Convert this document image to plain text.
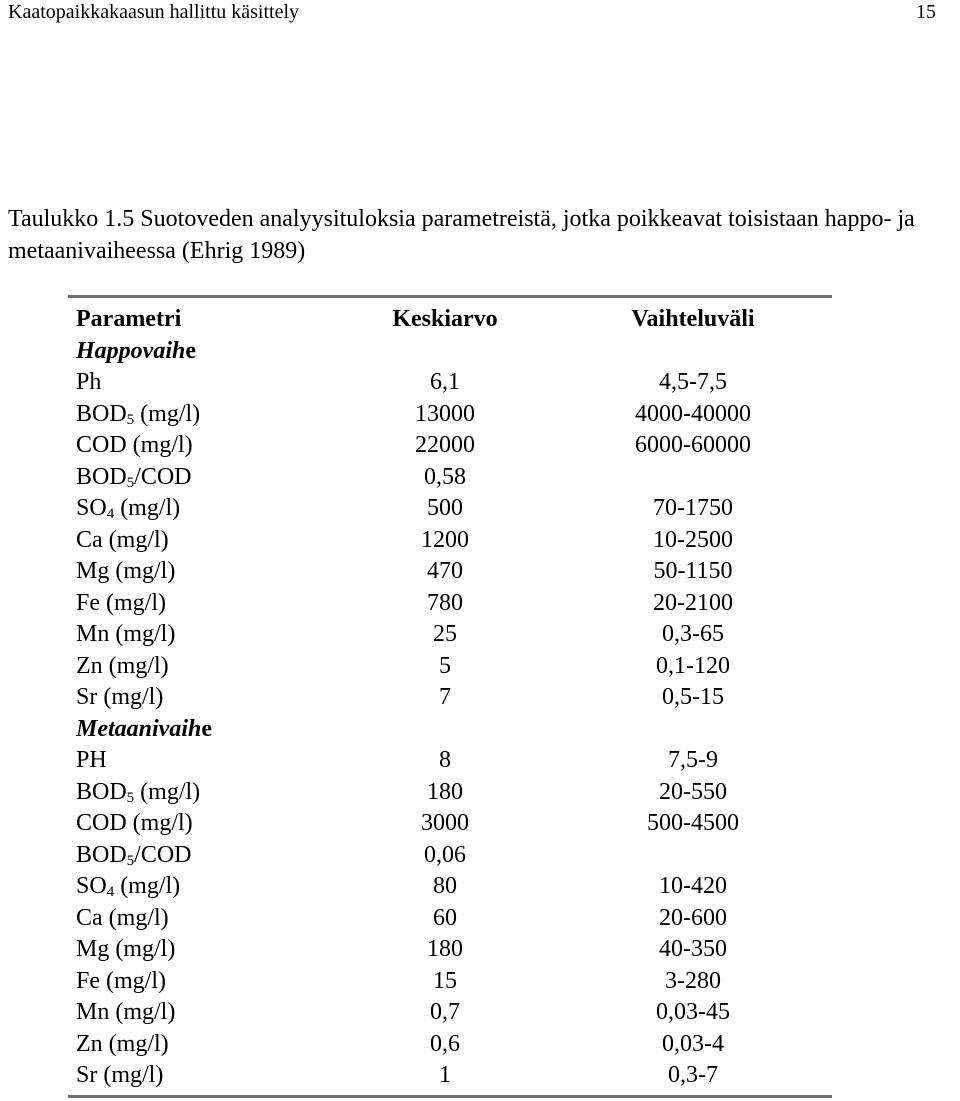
Kaatopaikkakaasun hallittu käsittely	15
Taulukko 1.5 Suotoveden analyysituloksia parametreistä, jotka poikkeavat toisistaan happo- ja metaanivaiheessa (Ehrig 1989)
Parametri	Keskiarvo	Vaihteluväli
Happovaihe		
Ph	6,1	4,5-7,5
$BOD_5$ (mg/l)	13000	4000-40000
COD (mg/l)	22000	6000-60000
$BOD_5$/COD	0,58	
$SO_4$ (mg/l)	500	70-1750
Ca (mg/l)	1200	10-2500
Mg (mg/l)	470	50-1150
Fe (mg/l)	780	20-2100
Mn (mg/l)	25	0,3-65
Zn (mg/l)	5	0,1-120
Sr (mg/l)	7	0,5-15
Metaanivaihe		
PH	8	7,5-9
$BOD_5$ (mg/l)	180	20-550
COD (mg/l)	3000	500-4500
$BOD_5$/COD	0,06	
$SO_4$ (mg/l)	80	10-420
Ca (mg/l)	60	20-600
Mg (mg/l)	180	40-350
Fe (mg/l)	15	3-280
Mn (mg/l)	0,7	0,03-45
Zn (mg/l)	0,6	0,03-4
Sr (mg/l)	1	0,3-7
